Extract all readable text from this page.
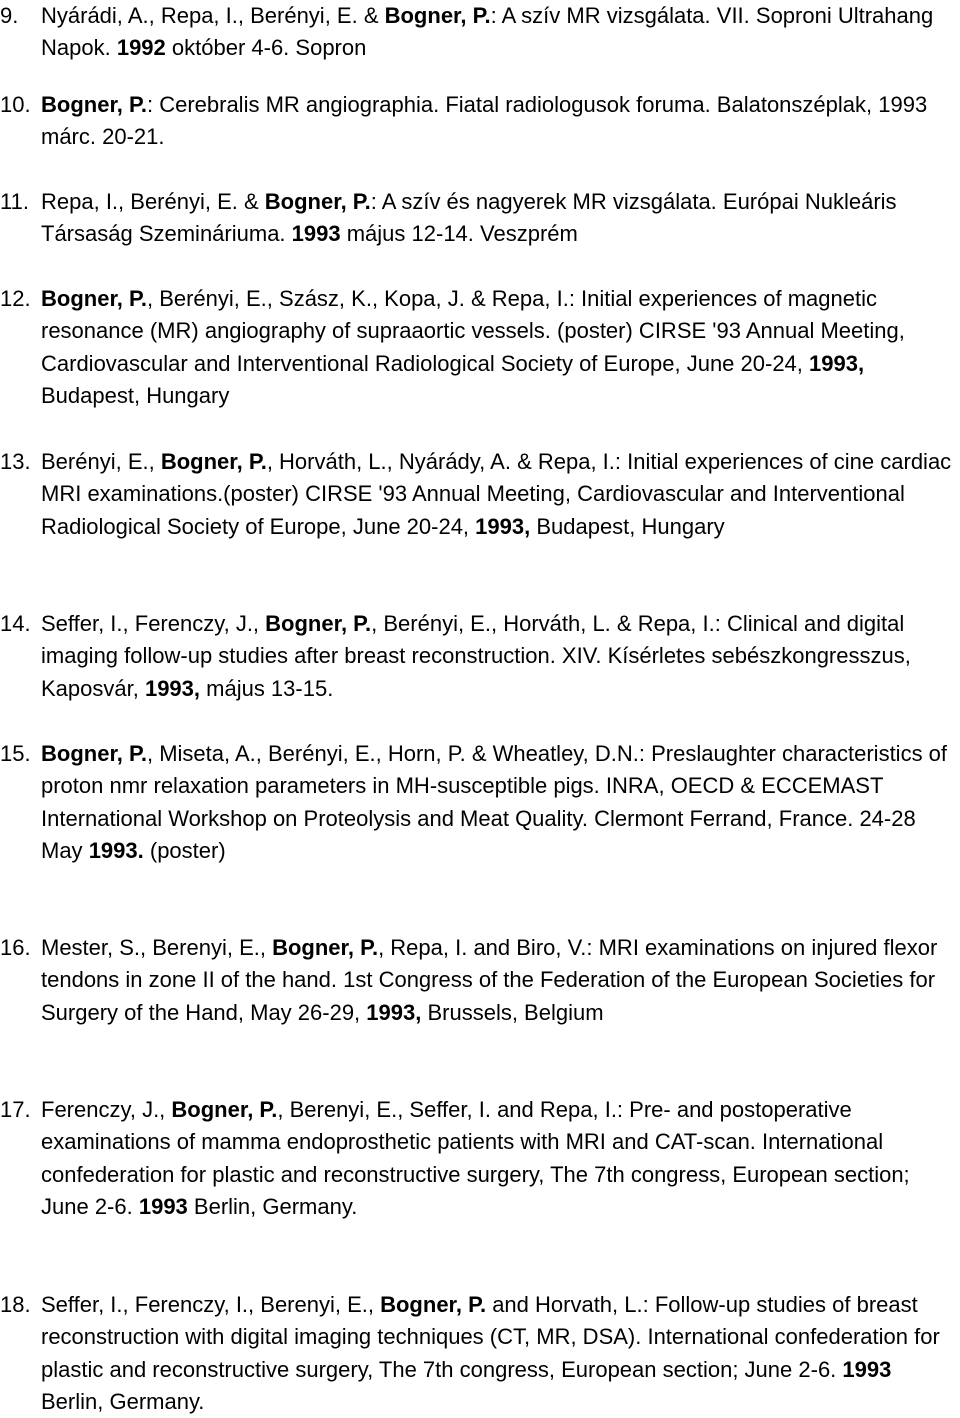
9. Nyárádi, A., Repa, I., Berényi, E. & Bogner, P.: A szív MR vizsgálata. VII. Soproni Ultrahang Napok. 1992 október 4-6. Sopron
10. Bogner, P.: Cerebralis MR angiographia. Fiatal radiologusok foruma. Balatonszéplak, 1993 márc. 20-21.
11. Repa, I., Berényi, E. & Bogner, P.: A szív és nagyerek MR vizsgálata. Európai Nukleáris Társaság Szemináriuma. 1993 május 12-14. Veszprém
12. Bogner, P., Berényi, E., Szász, K., Kopa, J. & Repa, I.: Initial experiences of magnetic resonance (MR) angiography of supraaortic vessels. (poster) CIRSE '93 Annual Meeting, Cardiovascular and Interventional Radiological Society of Europe, June 20-24, 1993, Budapest, Hungary
13. Berényi, E., Bogner, P., Horváth, L., Nyárády, A. & Repa, I.: Initial experiences of cine cardiac MRI examinations.(poster) CIRSE '93 Annual Meeting, Cardiovascular and Interventional Radiological Society of Europe, June 20-24, 1993, Budapest, Hungary
14. Seffer, I., Ferenczy, J., Bogner, P., Berényi, E., Horváth, L. & Repa, I.: Clinical and digital imaging follow-up studies after breast reconstruction. XIV. Kísérletes sebészkongresszus, Kaposvár, 1993, május 13-15.
15. Bogner, P., Miseta, A., Berényi, E., Horn, P. & Wheatley, D.N.: Preslaughter characteristics of proton nmr relaxation parameters in MH-susceptible pigs. INRA, OECD & ECCEMAST International Workshop on Proteolysis and Meat Quality. Clermont Ferrand, France. 24-28 May 1993. (poster)
16. Mester, S., Berenyi, E., Bogner, P., Repa, I. and Biro, V.: MRI examinations on injured flexor tendons in zone II of the hand. 1st Congress of the Federation of the European Societies for Surgery of the Hand, May 26-29, 1993, Brussels, Belgium
17. Ferenczy, J., Bogner, P., Berenyi, E., Seffer, I. and Repa, I.: Pre- and postoperative examinations of mamma endoprosthetic patients with MRI and CAT-scan. International confederation for plastic and reconstructive surgery, The 7th congress, European section; June 2-6. 1993 Berlin, Germany.
18. Seffer, I., Ferenczy, I., Berenyi, E., Bogner, P. and Horvath, L.: Follow-up studies of breast reconstruction with digital imaging techniques (CT, MR, DSA). International confederation for plastic and reconstructive surgery, The 7th congress, European section; June 2-6. 1993 Berlin, Germany.
